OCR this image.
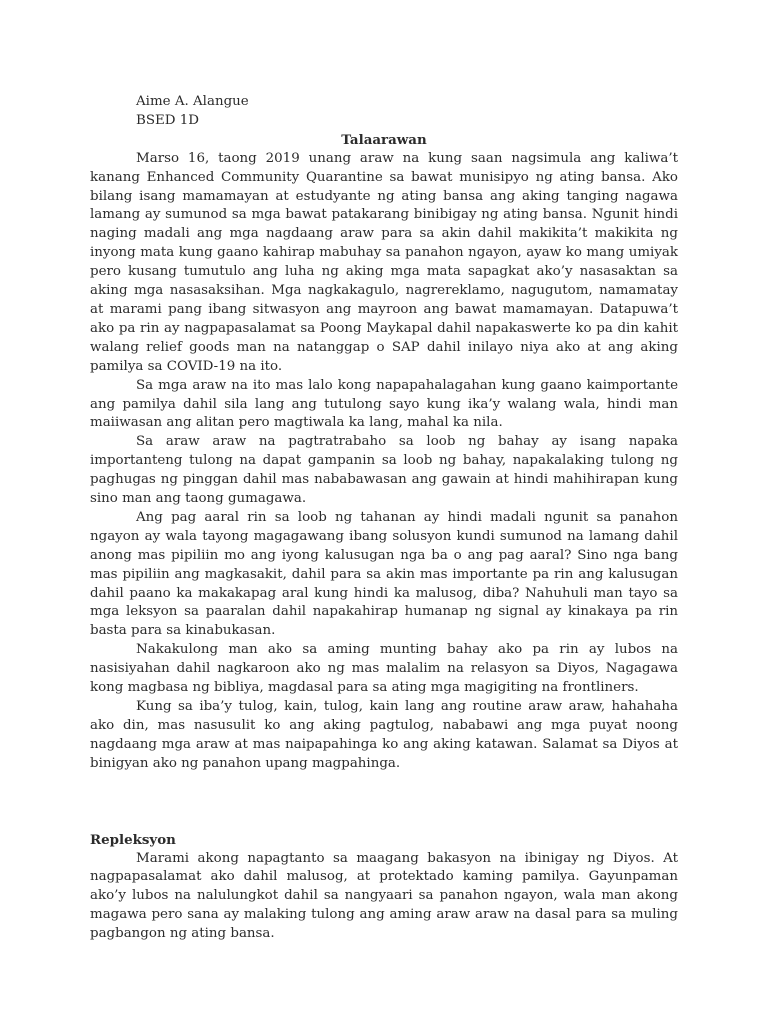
Aime A. Alangue

BSED 1D

Talaarawan

Marso 16, taong 2019 unang araw na kung saan nagsimula ang kaliwa’t kanang Enhanced Community Quarantine sa bawat munisipyo ng ating bansa. Ako bilang isang mamamayan at estudyante ng ating bansa ang aking tanging nagawa lamang ay sumunod sa mga bawat patakarang binibigay ng ating bansa. Ngunit hindi naging madali ang mga nagdaang araw para sa akin dahil makikita’t makikita ng inyong mata kung gaano kahirap mabuhay sa panahon ngayon, ayaw ko mang umiyak pero kusang tumutulo ang luha ng aking mga mata sapagkat ako’y nasasaktan sa aking mga nasasaksihan. Mga nagkakagulo, nagrereklamo, nagugutom, namamatay at marami pang ibang sitwasyon ang mayroon ang bawat mamamayan. Datapuwa’t ako pa rin ay nagpapasalamat sa Poong Maykapal dahil napakaswerte ko pa din kahit walang relief goods man na natanggap o SAP dahil inilayo niya ako at ang aking pamilya sa COVID-19 na ito.

Sa mga araw na ito mas lalo kong napapahalagahan kung gaano kaimportante ang pamilya dahil sila lang ang tutulong sayo kung ika’y walang wala, hindi man maiiwasan ang alitan pero magtiwala ka lang, mahal ka nila.

Sa araw araw na pagtratrabaho sa loob ng bahay ay isang napaka importanteng tulong na dapat gampanin sa loob ng bahay, napakalaking tulong ng paghugas ng pinggan dahil mas nababawasan ang gawain at hindi mahihirapan kung sino man ang taong gumagawa.

Ang pag aaral rin sa loob ng tahanan ay hindi madali ngunit sa panahon ngayon ay wala tayong magagawang ibang solusyon kundi sumunod na lamang dahil anong mas pipiliin mo ang iyong kalusugan nga ba o ang pag aaral? Sino nga bang mas pipiliin ang magkasakit, dahil para sa akin mas importante pa rin ang kalusugan dahil paano ka makakapag aral kung hindi ka malusog, diba? Nahuhuli man tayo sa mga leksyon sa paaralan dahil napakahirap humanap ng signal ay kinakaya pa rin basta para sa kinabukasan.

Nakakulong man ako sa aming munting bahay ako pa rin ay lubos na nasisiyahan dahil nagkaroon ako ng mas malalim na relasyon sa Diyos, Nagagawa kong magbasa ng bibliya, magdasal para sa ating mga magigiting na frontliners.

Kung sa iba’y tulog, kain, tulog, kain lang ang routine araw araw, hahahaha ako din, mas nasusulit ko ang aking pagtulog, nababawi ang mga puyat noong nagdaang mga araw at mas naipapahinga ko ang aking katawan. Salamat sa Diyos at binigyan ako ng panahon upang magpahinga.

Repleksyon

Marami akong napagtanto sa maagang bakasyon na ibinigay ng Diyos. At nagpapasalamat ako dahil malusog, at protektado kaming pamilya. Gayunpaman ako’y lubos na nalulungkot dahil sa nangyaari sa panahon ngayon, wala man akong magawa pero sana ay malaking tulong ang aming araw araw na dasal para sa muling pagbangon ng ating bansa.
